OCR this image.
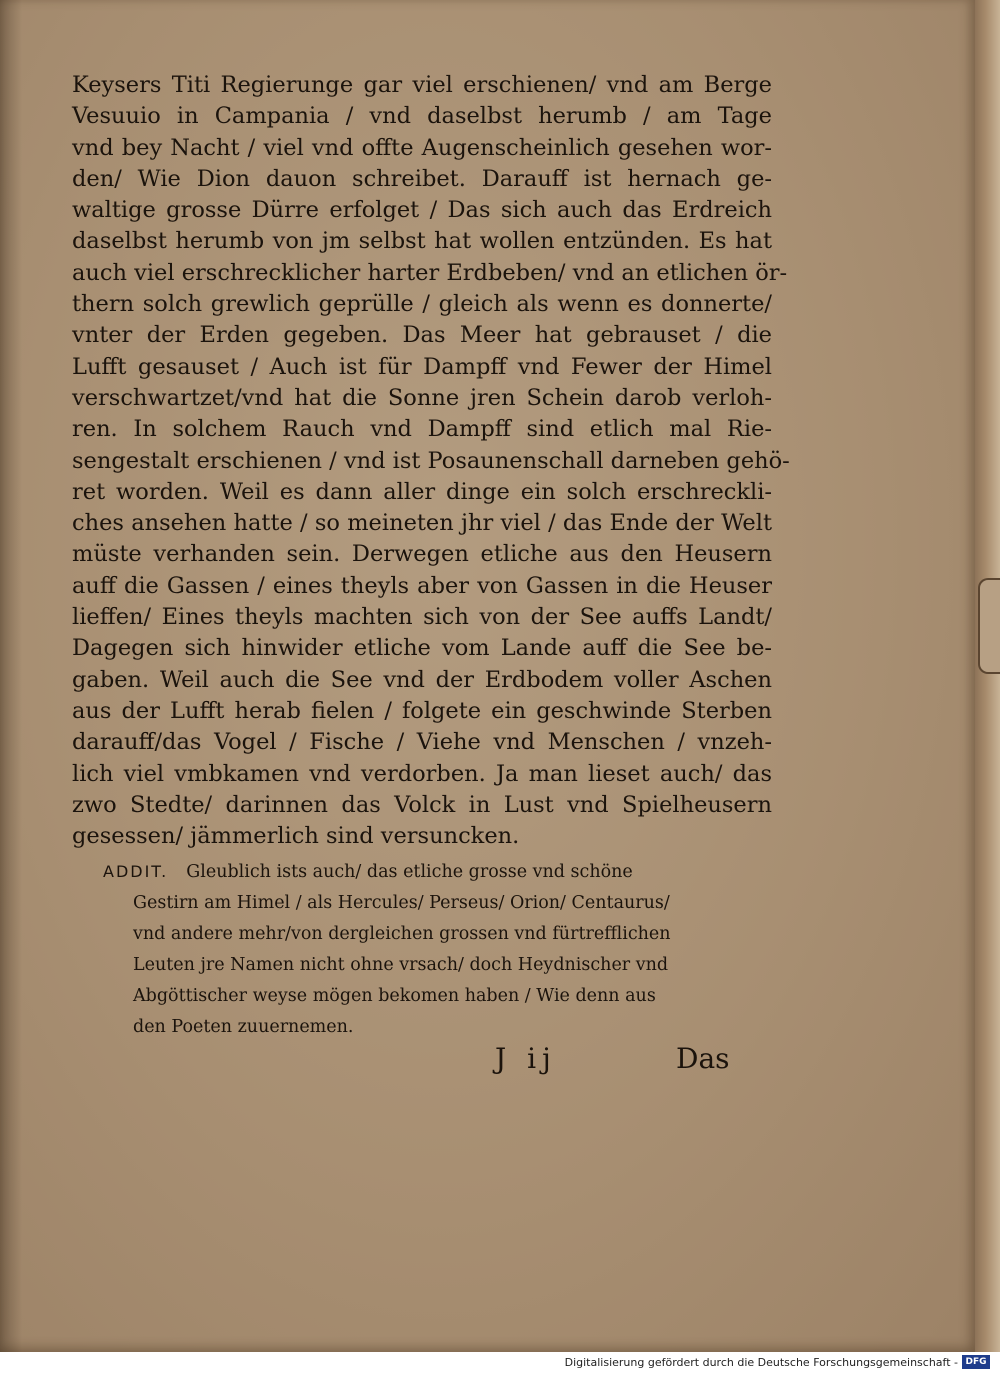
Keysers Titi Regierunge gar viel erschienen/ vnd am Berge
Vesuuio in Campania / vnd daselbst herumb / am Tage
vnd bey Nacht / viel vnd offte Augenscheinlich gesehen wor-
den/ Wie Dion dauon schreibet. Darauff ist hernach ge-
waltige grosse Dürre erfolget / Das sich auch das Erdreich
daselbst herumb von jm selbst hat wollen entzünden. Es hat
auch viel erschrecklicher harter Erdbeben/ vnd an etlichen ör-
thern solch grewlich geprülle / gleich als wenn es donnerte/
vnter der Erden gegeben. Das Meer hat gebrauset / die
Lufft gesauset / Auch ist für Dampff vnd Fewer der Himel
verschwartzet/vnd hat die Sonne jren Schein darob verloh-
ren. In solchem Rauch vnd Dampff sind etlich mal Rie-
sengestalt erschienen / vnd ist Posaunenschall darneben gehö-
ret worden. Weil es dann aller dinge ein solch erschreckli-
ches ansehen hatte / so meineten jhr viel / das Ende der Welt
müste verhanden sein. Derwegen etliche aus den Heusern
auff die Gassen / eines theyls aber von Gassen in die Heuser
lieffen/ Eines theyls machten sich von der See auffs Landt/
Dagegen sich hinwider etliche vom Lande auff die See be-
gaben. Weil auch die See vnd der Erdbodem voller Aschen
aus der Lufft herab fielen / folgete ein geschwinde Sterben
darauff/das Vogel / Fische / Viehe vnd Menschen / vnzeh-
lich viel vmbkamen vnd verdorben. Ja man lieset auch/ das
zwo Stedte/ darinnen das Volck in Lust vnd Spielheusern
gesessen/ jämmerlich sind versuncken.
ADDIT. Gleublich ists auch/ das etliche grosse vnd schöne
Gestirn am Himel / als Hercules/ Perseus/ Orion/ Centaurus/
vnd andere mehr/von dergleichen grossen vnd fürtrefflichen
Leuten jre Namen nicht ohne vrsach/ doch Heydnischer vnd
Abgöttischer weyse mögen bekomen haben / Wie denn aus
den Poeten zuuernemen.
J ij	Das
Digitalisierung gefördert durch die Deutsche Forschungsgemeinschaft - DFG
